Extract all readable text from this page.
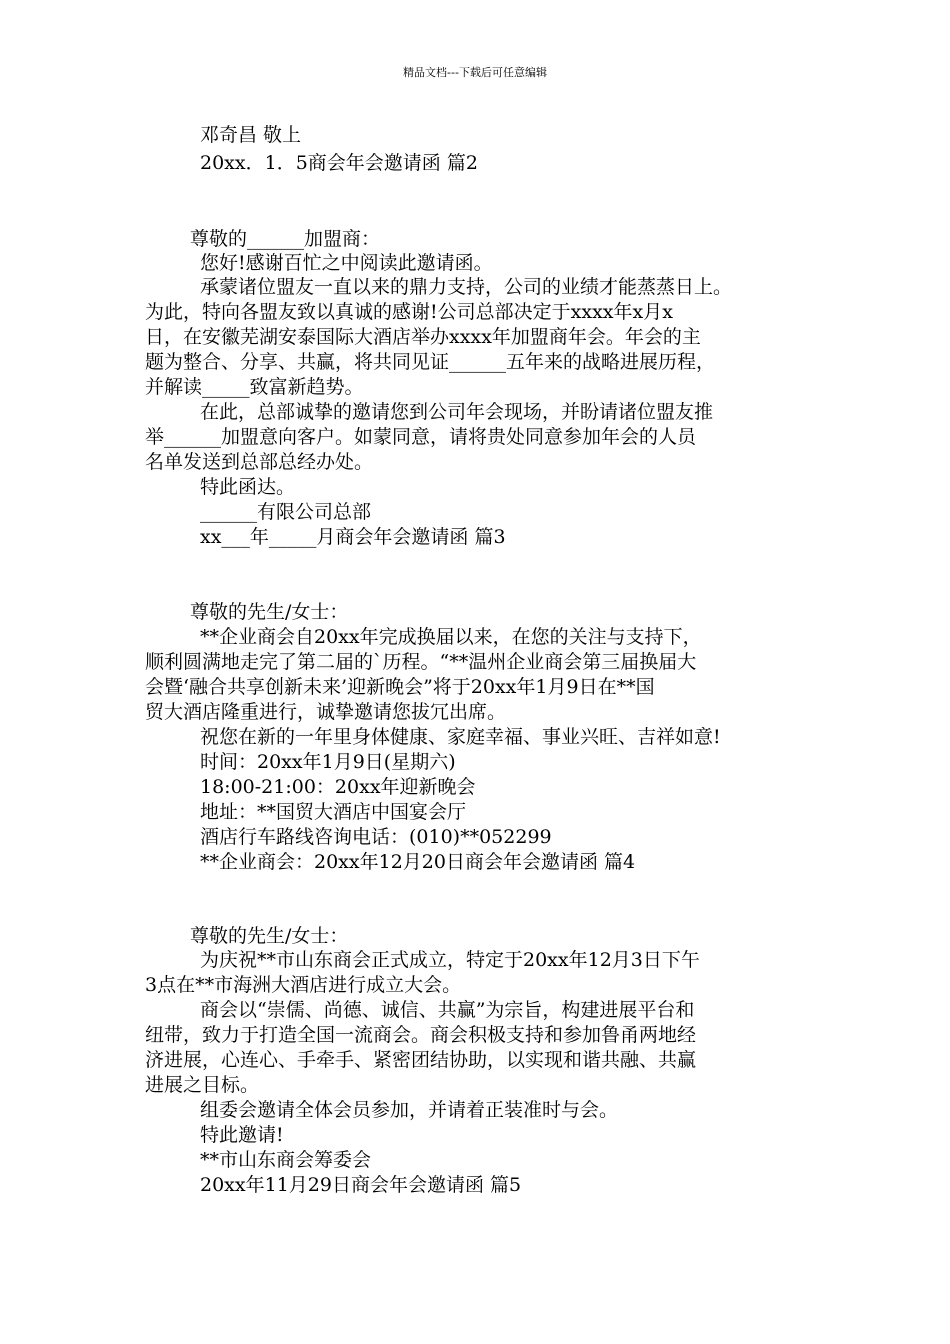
精品文档---下载后可任意编辑
邓奇昌 敬上
20xx．1．5商会年会邀请函 篇2
尊敬的______加盟商：
您好!感谢百忙之中阅读此邀请函。
承蒙诸位盟友一直以来的鼎力支持，公司的业绩才能蒸蒸日上。
为此，特向各盟友致以真诚的感谢!公司总部决定于xxxx年x月x
日，在安徽芜湖安泰国际大酒店举办xxxx年加盟商年会。年会的主
题为整合、分享、共赢，将共同见证______五年来的战略进展历程，
并解读_____致富新趋势。
在此，总部诚挚的邀请您到公司年会现场，并盼请诸位盟友推
举______加盟意向客户。如蒙同意，请将贵处同意参加年会的人员
名单发送到总部总经办处。
特此函达。
______有限公司总部
xx___年_____月商会年会邀请函 篇3
尊敬的先生/女士：
**企业商会自20xx年完成换届以来，在您的关注与支持下，
顺利圆满地走完了第二届的`历程。“**温州企业商会第三届换届大
会暨‘融合共享创新未来’迎新晚会”将于20xx年1月9日在**国
贸大酒店隆重进行，诚挚邀请您拔冗出席。
祝您在新的一年里身体健康、家庭幸福、事业兴旺、吉祥如意!
时间：20xx年1月9日(星期六)
18:00-21:00：20xx年迎新晚会
地址：**国贸大酒店中国宴会厅
酒店行车路线咨询电话：(010)**052299
**企业商会：20xx年12月20日商会年会邀请函 篇4
尊敬的先生/女士：
为庆祝**市山东商会正式成立，特定于20xx年12月3日下午
3点在**市海洲大酒店进行成立大会。
商会以“崇儒、尚德、诚信、共赢”为宗旨，构建进展平台和
纽带，致力于打造全国一流商会。商会积极支持和参加鲁甬两地经
济进展，心连心、手牵手、紧密团结协助，以实现和谐共融、共赢
进展之目标。
组委会邀请全体会员参加，并请着正装准时与会。
特此邀请!
**市山东商会筹委会
20xx年11月29日商会年会邀请函 篇5
